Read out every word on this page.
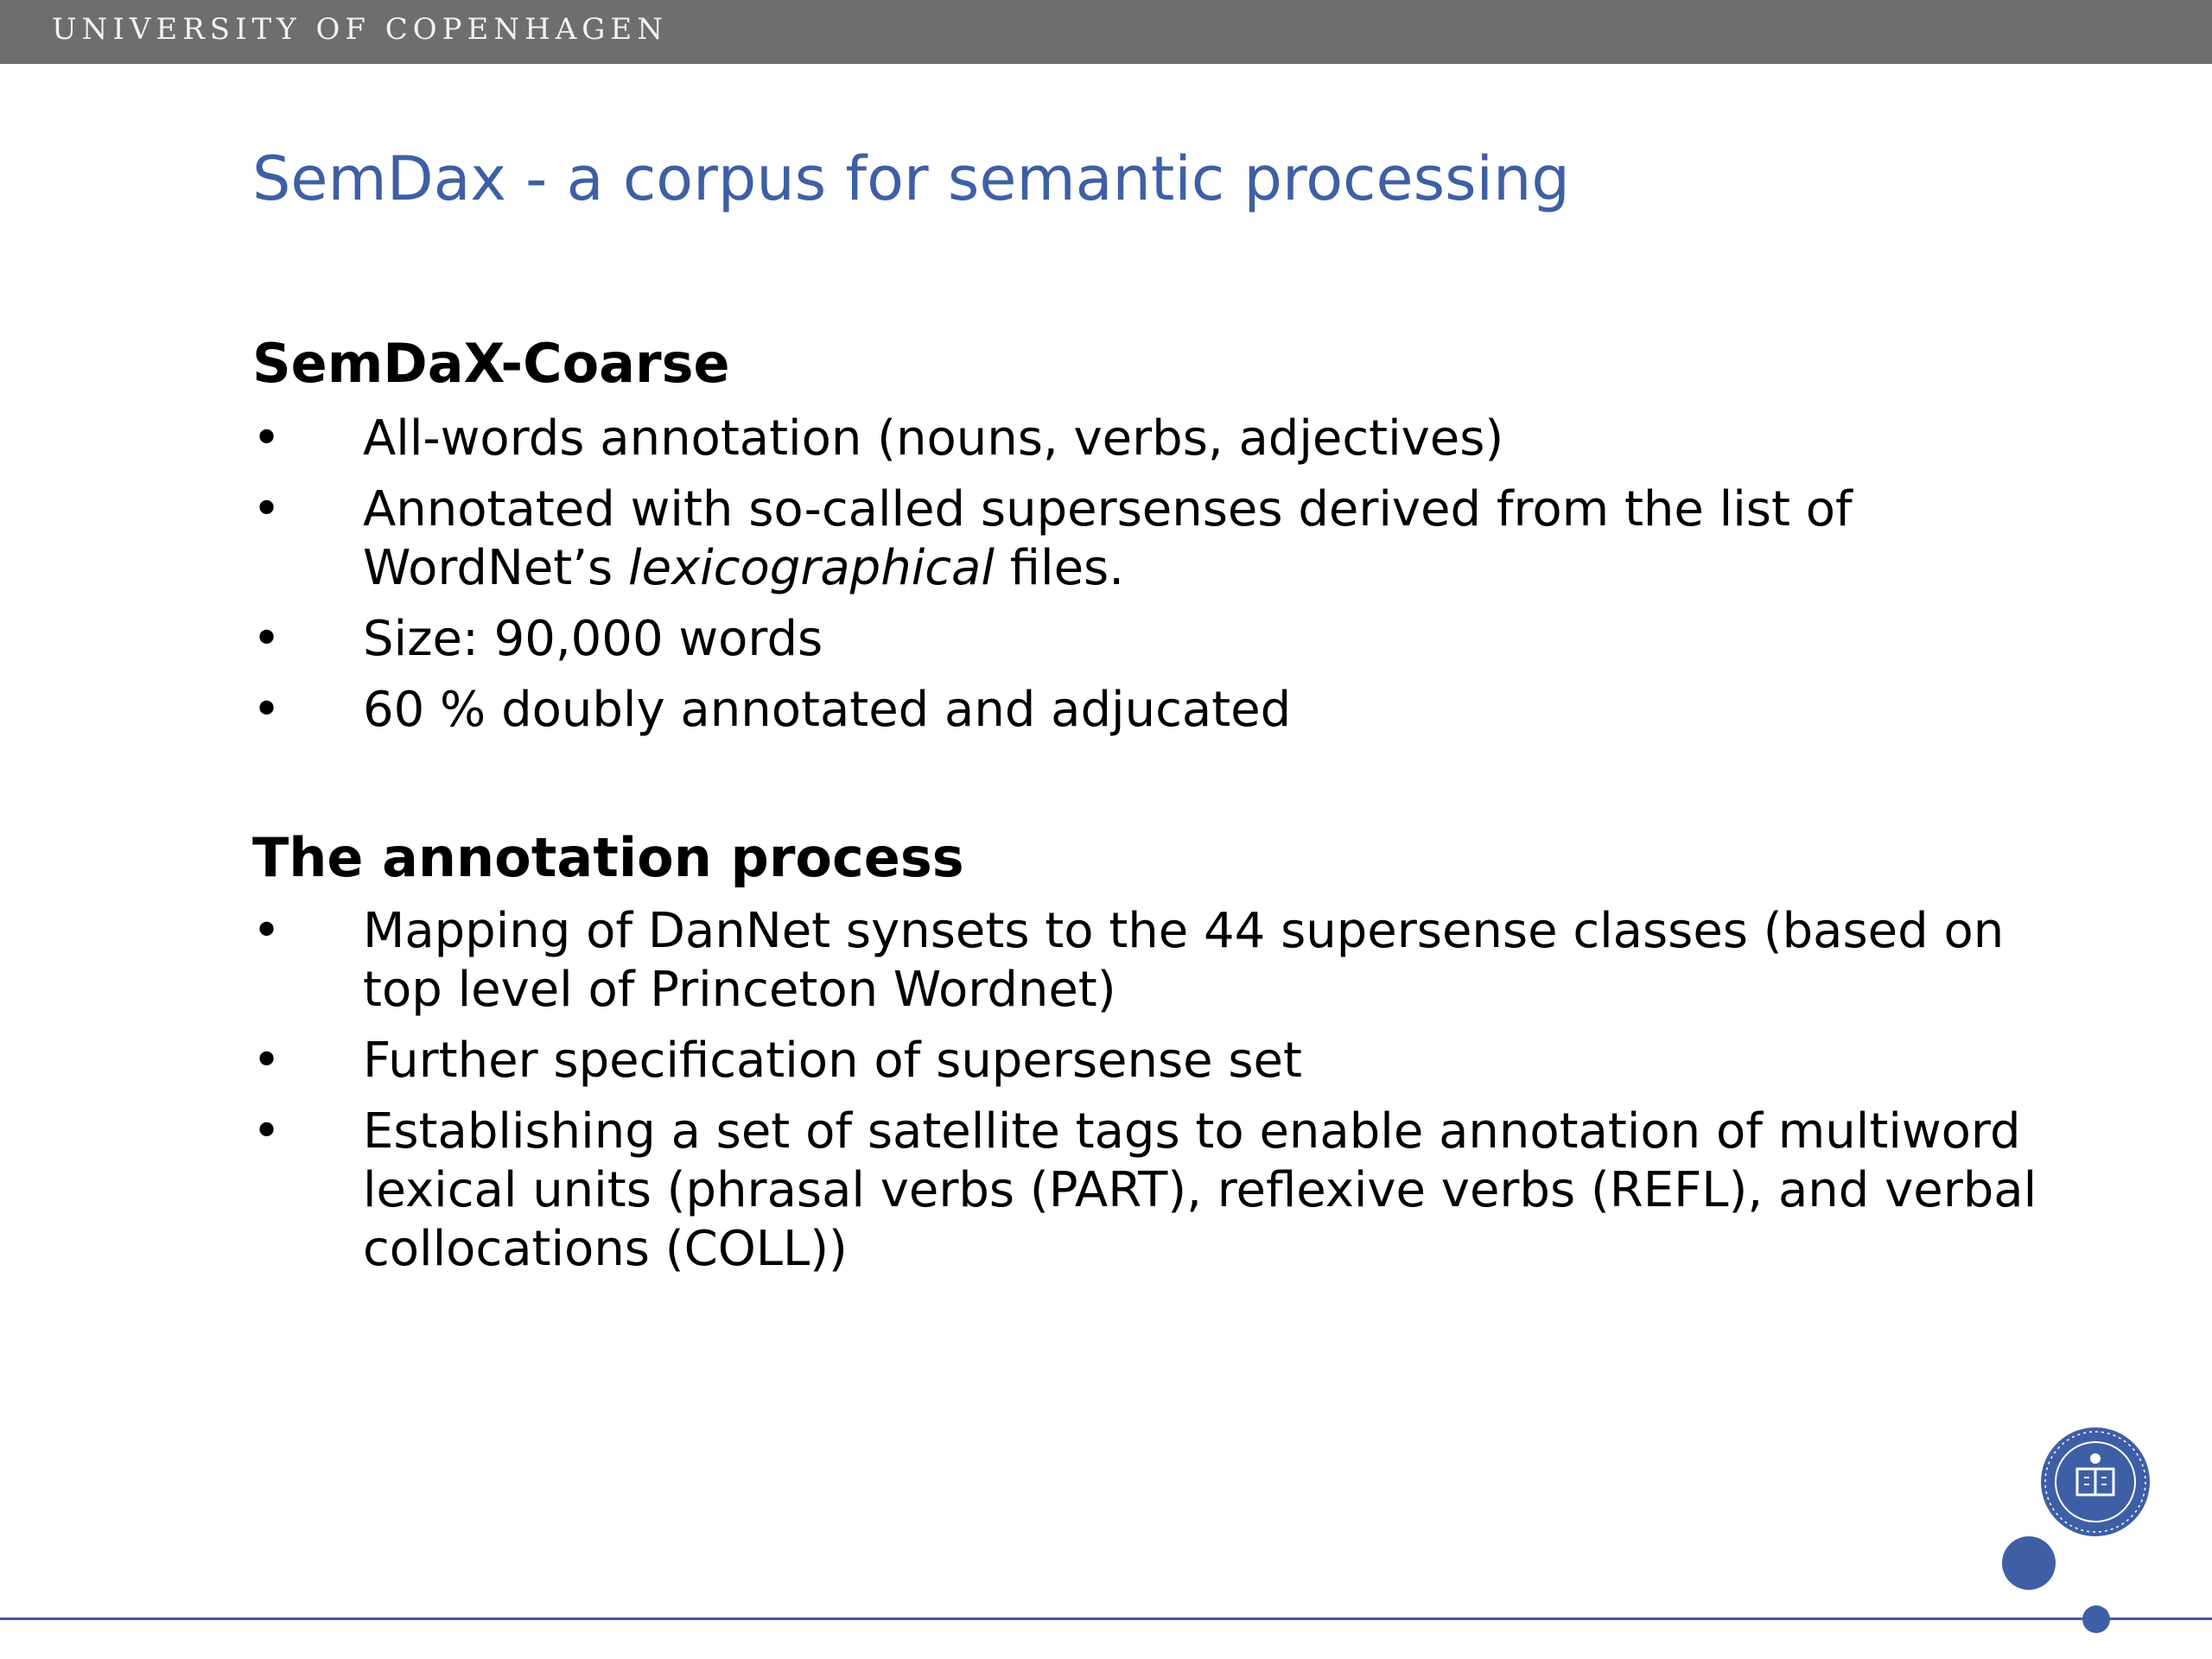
UNIVERSITY OF COPENHAGEN
SemDax - a corpus for semantic processing
SemDaX-Coarse
• All-words annotation (nouns, verbs, adjectives)
• Annotated with so-called supersenses derived from the list of WordNet’s lexicographical files.
• Size: 90,000 words
• 60 % doubly annotated and adjucated
The annotation process
• Mapping of DanNet synsets to the 44 supersense classes (based on top level of Princeton Wordnet)
• Further specification of supersense set
• Establishing a set of satellite tags to enable annotation of multiword lexical units (phrasal verbs (PART), reflexive verbs (REFL), and verbal collocations (COLL))
